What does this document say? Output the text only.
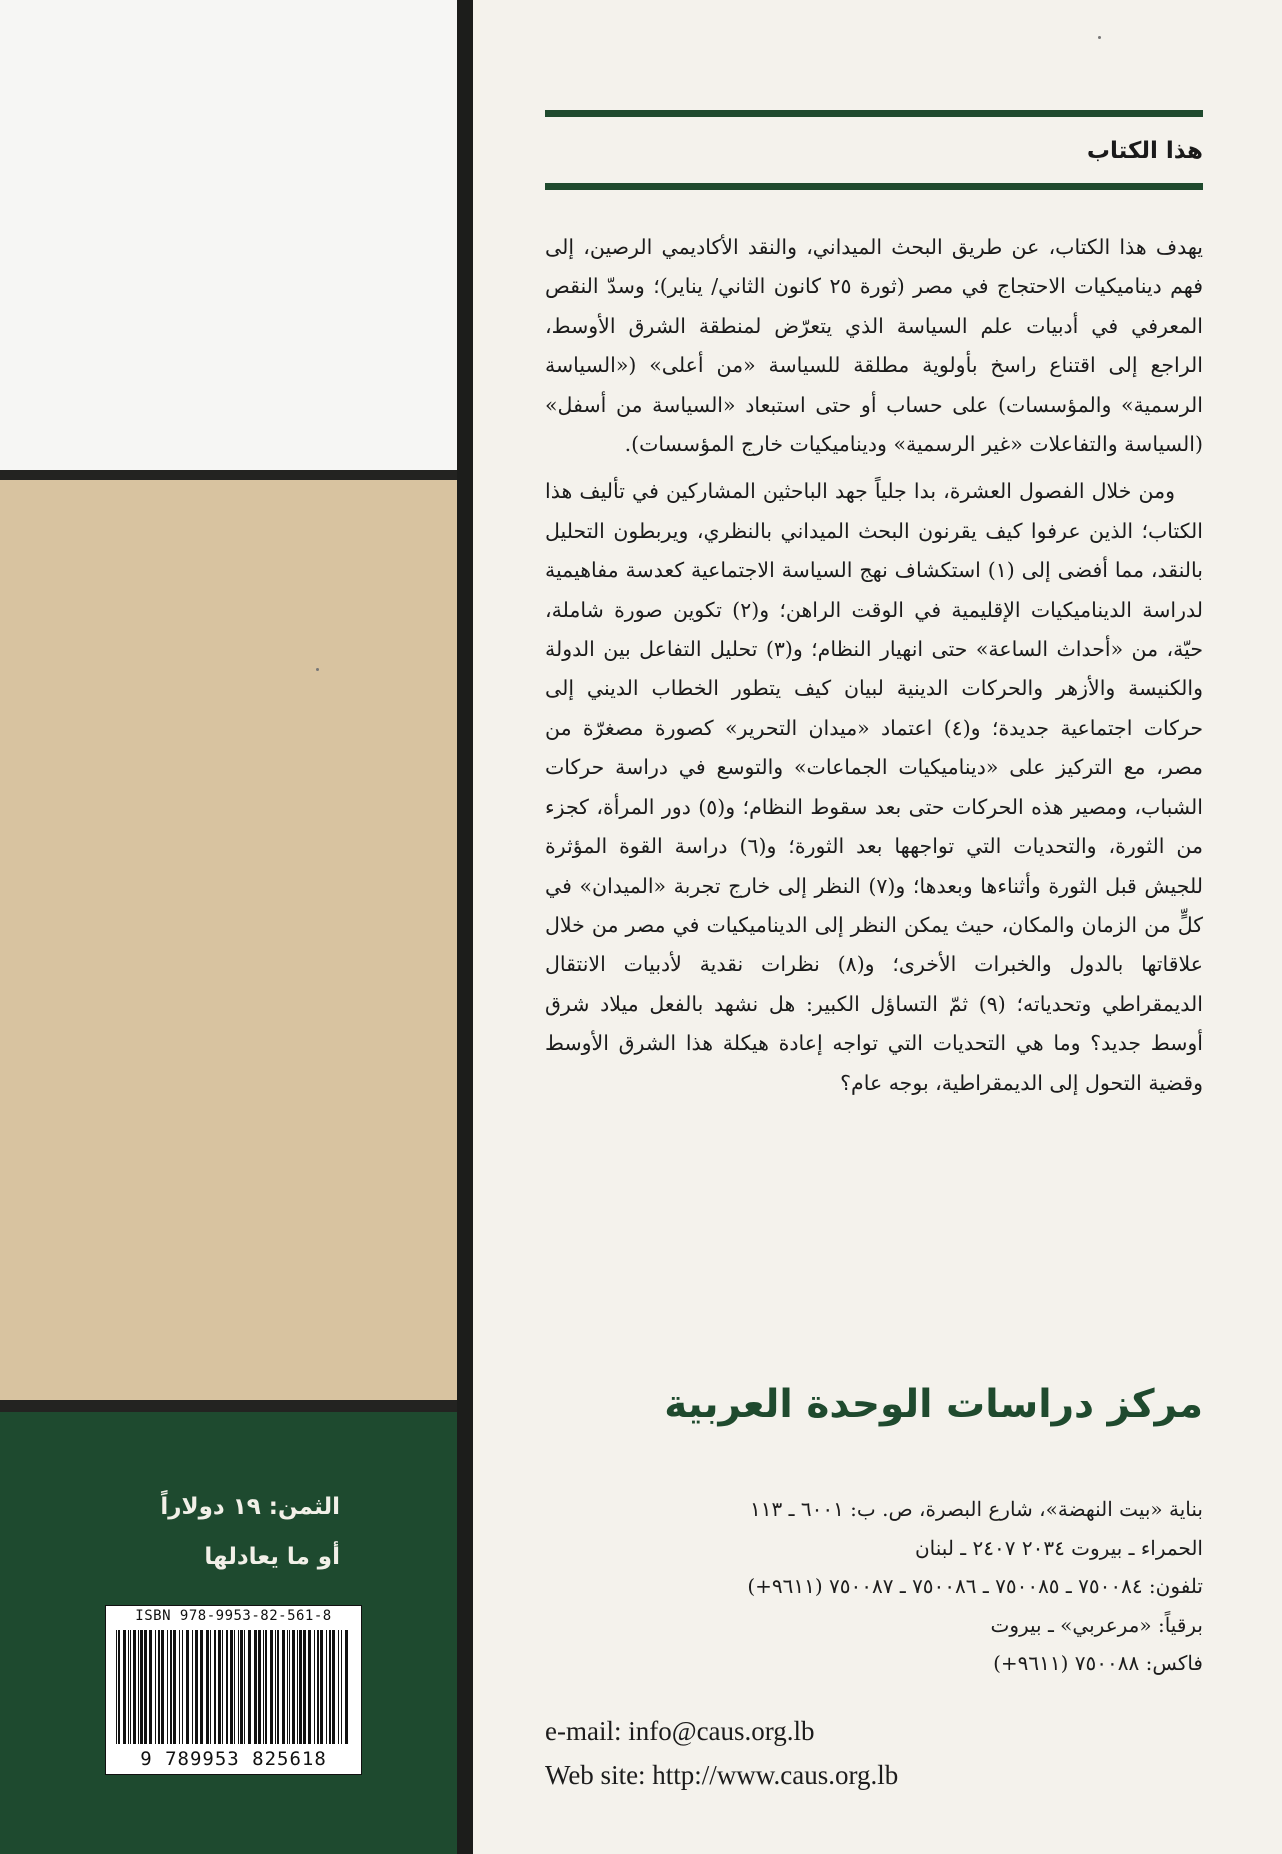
الثمن: ١٩ دولاراً
أو ما يعادلها
ISBN 978-9953-82-561-8
9 789953 825618
هذا الكتاب

يهدف هذا الكتاب، عن طريق البحث الميداني، والنقد الأكاديمي الرصين، إلى فهم ديناميكيات الاحتجاج في مصر (ثورة ٢٥ كانون الثاني/ يناير)؛ وسدّ النقص المعرفي في أدبيات علم السياسة الذي يتعرّض لمنطقة الشرق الأوسط، الراجع إلى اقتناع راسخ بأولوية مطلقة للسياسة «من أعلى» («السياسة الرسمية» والمؤسسات) على حساب أو حتى استبعاد «السياسة من أسفل» (السياسة والتفاعلات «غير الرسمية» وديناميكيات خارج المؤسسات).

ومن خلال الفصول العشرة، بدا جلياً جهد الباحثين المشاركين في تأليف هذا الكتاب؛ الذين عرفوا كيف يقرنون البحث الميداني بالنظري، ويربطون التحليل بالنقد، مما أفضى إلى (١) استكشاف نهج السياسة الاجتماعية كعدسة مفاهيمية لدراسة الديناميكيات الإقليمية في الوقت الراهن؛ و(٢) تكوين صورة شاملة، حيّة، من «أحداث الساعة» حتى انهيار النظام؛ و(٣) تحليل التفاعل بين الدولة والكنيسة والأزهر والحركات الدينية لبيان كيف يتطور الخطاب الديني إلى حركات اجتماعية جديدة؛ و(٤) اعتماد «ميدان التحرير» كصورة مصغرّة من مصر، مع التركيز على «ديناميكيات الجماعات» والتوسع في دراسة حركات الشباب، ومصير هذه الحركات حتى بعد سقوط النظام؛ و(٥) دور المرأة، كجزء من الثورة، والتحديات التي تواجهها بعد الثورة؛ و(٦) دراسة القوة المؤثرة للجيش قبل الثورة وأثناءها وبعدها؛ و(٧) النظر إلى خارج تجربة «الميدان» في كلٍّ من الزمان والمكان، حيث يمكن النظر إلى الديناميكيات في مصر من خلال علاقاتها بالدول والخبرات الأخرى؛ و(٨) نظرات نقدية لأدبيات الانتقال الديمقراطي وتحدياته؛ (٩) ثمّ التساؤل الكبير: هل نشهد بالفعل ميلاد شرق أوسط جديد؟ وما هي التحديات التي تواجه إعادة هيكلة هذا الشرق الأوسط وقضية التحول إلى الديمقراطية، بوجه عام؟

مركز دراسات الوحدة العربية
بناية «بيت النهضة»، شارع البصرة، ص. ب: ٦٠٠١ ـ ١١٣
الحمراء ـ بيروت ٢٠٣٤ ٢٤٠٧ ـ لبنان
تلفون: ٧٥٠٠٨٤ ـ ٧٥٠٠٨٥ ـ ٧٥٠٠٨٦ ـ ٧٥٠٠٨٧ (٩٦١١+)
برقياً: «مرعربي» ـ بيروت
فاكس: ٧٥٠٠٨٨ (٩٦١١+)
e-mail: info@caus.org.lb
Web site: http://www.caus.org.lb
